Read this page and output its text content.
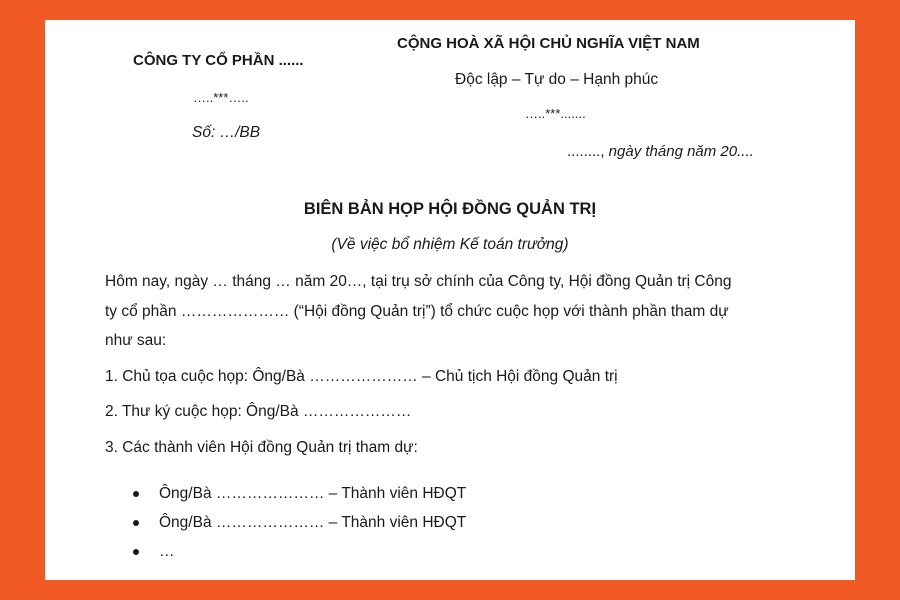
CÔNG TY CỔ PHẦN ......
…..***…..
Số: …/BB
CỘNG HOÀ XÃ HỘI CHỦ NGHĨA VIỆT NAM
Độc lập – Tự do – Hạnh phúc
…..***.......
........, ngày tháng năm 20....
BIÊN BẢN HỌP HỘI ĐỒNG QUẢN TRỊ
(Về việc bổ nhiệm Kế toán trưởng)
Hôm nay, ngày … tháng … năm 20…, tại trụ sở chính của Công ty, Hội đồng Quản trị Công
ty cổ phần ………………… (“Hội đồng Quản trị”) tổ chức cuộc họp với thành phần tham dự
như sau:
1. Chủ tọa cuộc họp: Ông/Bà ………………… – Chủ tịch Hội đồng Quản trị
2. Thư ký cuộc họp: Ông/Bà …………………
3. Các thành viên Hội đồng Quản trị tham dự:
Ông/Bà ………………… – Thành viên HĐQT
Ông/Bà ………………… – Thành viên HĐQT
…
